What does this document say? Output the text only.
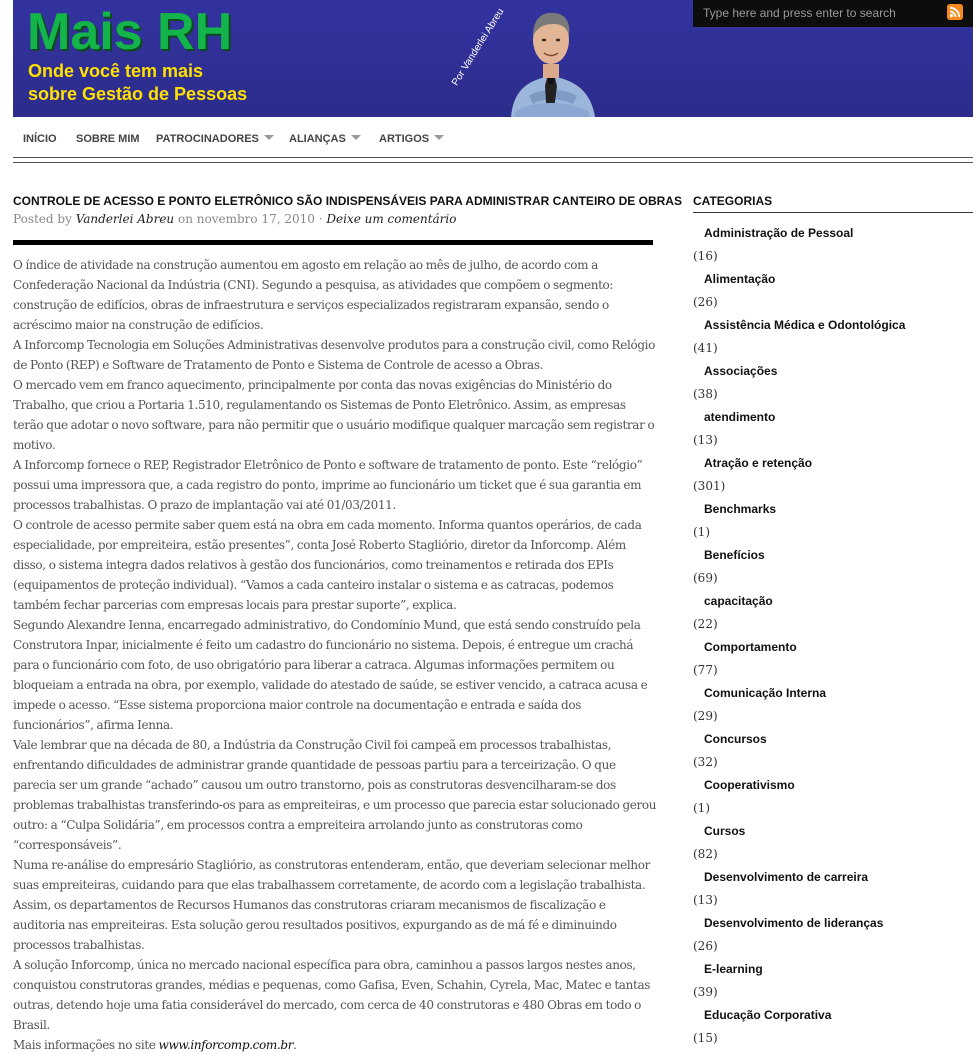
Mais RH
Onde você tem mais
sobre Gestão de Pessoas
Por Vanderlei Abreu
Type here and press enter to search
INÍCIO SOBRE MIM PATROCINADORES	ALIANÇAS	ARTIGOS
CONTROLE DE ACESSO E PONTO ELETRÔNICO SÃO INDISPENSÁVEIS PARA ADMINISTRAR CANTEIRO DE OBRAS
Posted by Vanderlei Abreu on novembro 17, 2010 · Deixe um comentário

O índice de atividade na construção aumentou em agosto em relação ao mês de julho, de acordo com a Confederação Nacional da Indústria (CNI). Segundo a pesquisa, as atividades que compõem o segmento: construção de edifícios, obras de infraestrutura e serviços especializados registraram expansão, sendo o acréscimo maior na construção de edifícios.

A Inforcomp Tecnologia em Soluções Administrativas desenvolve produtos para a construção civil, como Relógio de Ponto (REP) e Software de Tratamento de Ponto e Sistema de Controle de acesso a Obras.

O mercado vem em franco aquecimento, principalmente por conta das novas exigências do Ministério do Trabalho, que criou a Portaria 1.510, regulamentando os Sistemas de Ponto Eletrônico. Assim, as empresas terão que adotar o novo software, para não permitir que o usuário modifique qualquer marcação sem registrar o motivo.

A Inforcomp fornece o REP, Registrador Eletrônico de Ponto e software de tratamento de ponto. Este “relógio” possui uma impressora que, a cada registro do ponto, imprime ao funcionário um ticket que é sua garantia em processos trabalhistas. O prazo de implantação vai até 01/03/2011.

O controle de acesso permite saber quem está na obra em cada momento. Informa quantos operários, de cada especialidade, por empreiteira, estão presentes”, conta José Roberto Stagliório, diretor da Inforcomp. Além disso, o sistema integra dados relativos à gestão dos funcionários, como treinamentos e retirada dos EPIs (equipamentos de proteção individual). “Vamos a cada canteiro instalar o sistema e as catracas, podemos também fechar parcerias com empresas locais para prestar suporte”, explica.

Segundo Alexandre Ienna, encarregado administrativo, do Condomínio Mund, que está sendo construído pela Construtora Inpar, inicialmente é feito um cadastro do funcionário no sistema. Depois, é entregue um crachá para o funcionário com foto, de uso obrigatório para liberar a catraca. Algumas informações permitem ou bloqueiam a entrada na obra, por exemplo, validade do atestado de saúde, se estiver vencido, a catraca acusa e impede o acesso. “Esse sistema proporciona maior controle na documentação e entrada e saída dos funcionários”, afirma Ienna.

Vale lembrar que na década de 80, a Indústria da Construção Civil foi campeã em processos trabalhistas, enfrentando dificuldades de administrar grande quantidade de pessoas partiu para a terceirização. O que parecia ser um grande “achado” causou um outro transtorno, pois as construtoras desvencilharam-se dos problemas trabalhistas transferindo-os para as empreiteiras, e um processo que parecia estar solucionado gerou outro: a “Culpa Solidária”, em processos contra a empreiteira arrolando junto as construtoras como “corresponsáveis”.

Numa re-análise do empresário Stagliório, as construtoras entenderam, então, que deveriam selecionar melhor suas empreiteiras, cuidando para que elas trabalhassem corretamente, de acordo com a legislação trabalhista. Assim, os departamentos de Recursos Humanos das construtoras criaram mecanismos de fiscalização e auditoria nas empreiteiras. Esta solução gerou resultados positivos, expurgando as de má fé e diminuindo processos trabalhistas.

A solução Inforcomp, única no mercado nacional específica para obra, caminhou a passos largos nestes anos, conquistou construtoras grandes, médias e pequenas, como Gafisa, Even, Schahin, Cyrela, Mac, Matec e tantas outras, detendo hoje uma fatia considerável do mercado, com cerca de 40 construtoras e 480 Obras em todo o Brasil.

Mais informações no site www.inforcomp.com.br.

CATEGORIAS
Administração de Pessoal
(16)
Alimentação
(26)
Assistência Médica e Odontológica
(41)
Associações
(38)
atendimento
(13)
Atração e retenção
(301)
Benchmarks
(1)
Benefícios
(69)
capacitação
(22)
Comportamento
(77)
Comunicação Interna
(29)
Concursos
(32)
Cooperativismo
(1)
Cursos
(82)
Desenvolvimento de carreira
(13)
Desenvolvimento de lideranças
(26)
E-learning
(39)
Educação Corporativa
(15)
